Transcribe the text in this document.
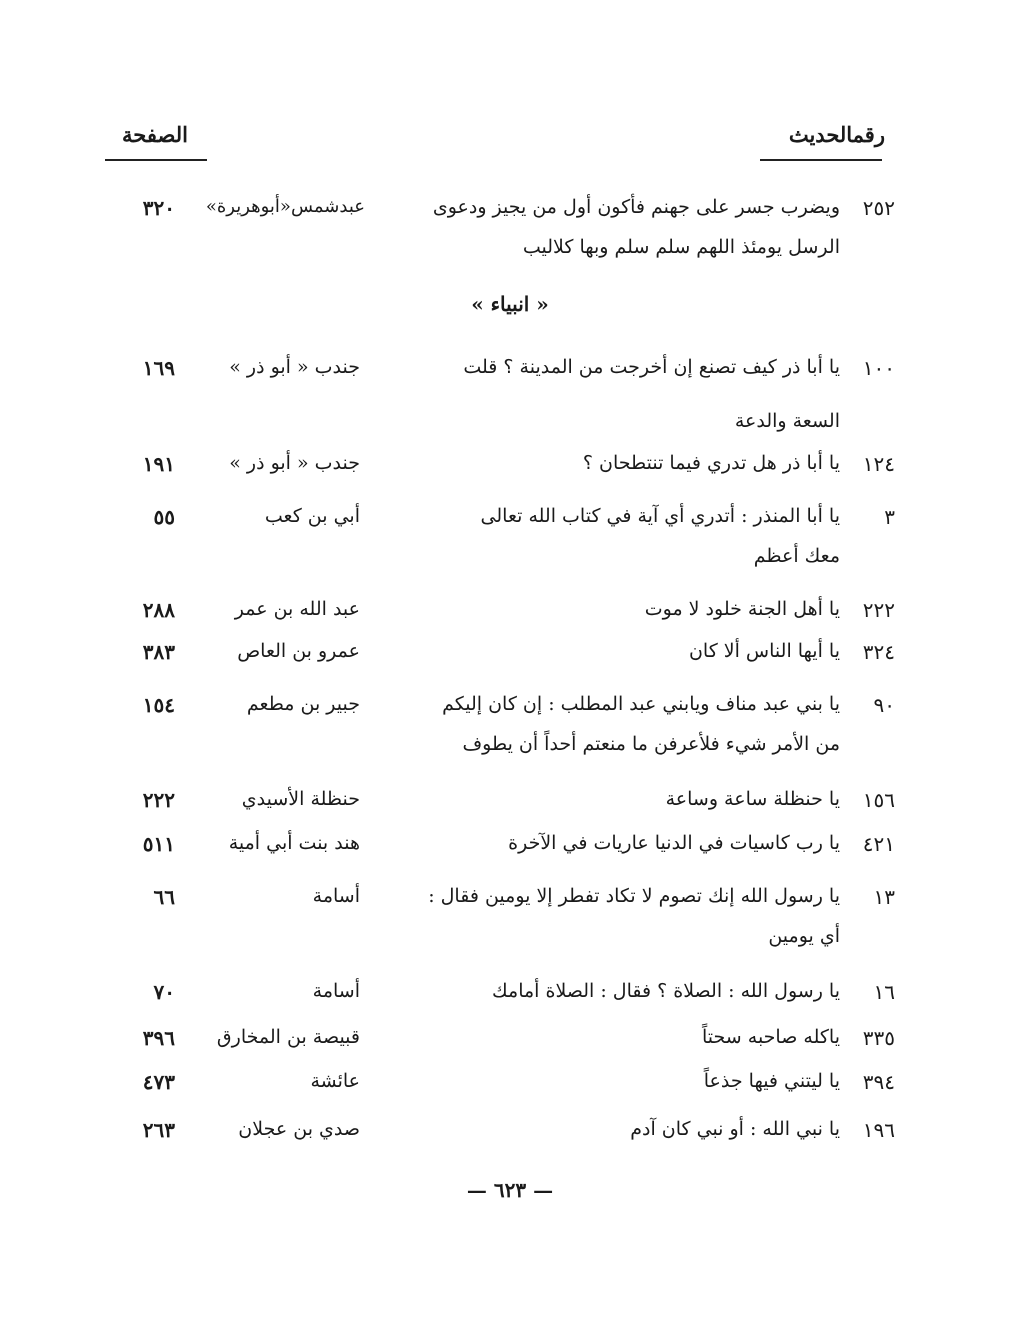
رقمالحديث
الصفحة
٢٥٢
ويضرب جسر على جهنم فأكون أول من يجيز ودعوى
عبدشمس«أبوهريرة»
٣٢٠
الرسل يومئذ اللهم سلم سلم وبها كلاليب
« انبياء »
١٠٠
يا أبا ذر كيف تصنع إن أخرجت من المدينة ؟ قلت
جندب « أبو ذر »
١٦٩
السعة والدعة
١٢٤
يا أبا ذر هل تدري فيما تنتطحان ؟
جندب « أبو ذر »
١٩١
٣
يا أبا المنذر : أتدري أي آية في كتاب الله تعالى
أبي بن كعب
٥٥
معك أعظم
٢٢٢
يا أهل الجنة خلود لا موت
عبد الله بن عمر
٢٨٨
٣٢٤
يا أيها الناس ألا كان
عمرو بن العاص
٣٨٣
٩٠
يا بني عبد مناف ويابني عبد المطلب : إن كان إليكم
جبير بن مطعم
١٥٤
من الأمر شيء فلأعرفن ما منعتم أحداً أن يطوف
١٥٦
يا حنظلة ساعة وساعة
حنظلة الأسيدي
٢٢٢
٤٢١
يا رب كاسيات في الدنيا عاريات في الآخرة
هند بنت أبي أمية
٥١١
١٣
يا رسول الله إنك تصوم لا تكاد تفطر إلا يومين فقال :
أسامة
٦٦
أي يومين
١٦
يا رسول الله : الصلاة ؟ فقال : الصلاة أمامك
أسامة
٧٠
٣٣٥
ياكله صاحبه سحتاً
قبيصة بن المخارق
٣٩٦
٣٩٤
يا ليتني فيها جذعاً
عائشة
٤٧٣
١٩٦
يا نبي الله : أو نبي كان آدم
صدي بن عجلان
٢٦٣
— ٦٢٣ —
